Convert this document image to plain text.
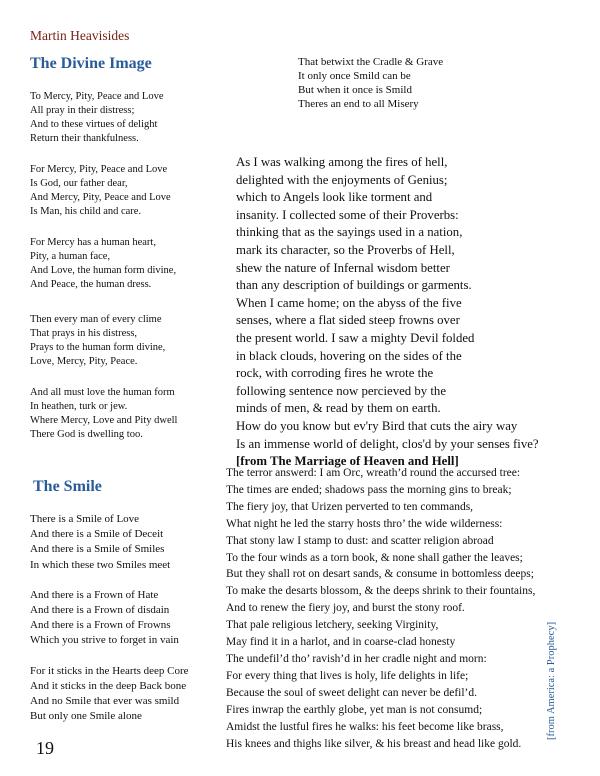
Martin Heavisides
The Divine Image
To Mercy, Pity, Peace and Love
All pray in their distress;
And to these virtues of delight
Return their thankfulness.
For Mercy, Pity, Peace and Love
Is God, our father dear,
And Mercy, Pity, Peace and Love
Is Man, his child and care.
For Mercy has a human heart,
Pity, a human face,
And Love, the human form divine,
And Peace, the human dress.
Then every man of every clime
That prays in his distress,
Prays to the human form divine,
Love, Mercy, Pity, Peace.
And all must love the human form
In heathen, turk or jew.
Where Mercy, Love and Pity dwell
There God is dwelling too.
That betwixt the Cradle & Grave
It only once Smild can be
But when it once is Smild
Theres an end to all Misery
As I was walking among the fires of hell,
delighted with the enjoyments of Genius;
which to Angels look like torment and
insanity. I collected some of their Proverbs:
thinking that as the sayings used in a nation,
mark its character, so the Proverbs of Hell,
shew the nature of Infernal wisdom better
than any description of buildings or garments.
When I came home; on the abyss of the five
senses, where a flat sided steep frowns over
the present world. I saw a mighty Devil folded
in black clouds, hovering on the sides of the
rock, with corroding fires he wrote the
following sentence now percieved by the
minds of men, & read by them on earth.
How do you know but ev'ry Bird that cuts the airy way
Is an immense world of delight, clos'd by your senses five?
[from The Marriage of Heaven and Hell]
The Smile
There is a Smile of Love
And there is a Smile of Deceit
And there is a Smile of Smiles
In which these two Smiles meet
And there is a Frown of Hate
And there is a Frown of disdain
And there is a Frown of Frowns
Which you strive to forget in vain
For it sticks in the Hearts deep Core
And it sticks in the deep Back bone
And no Smile that ever was smild
But only one Smile alone
The terror answerd: I am Orc, wreath’d round the accursed tree:
The times are ended; shadows pass the morning gins to break;
The fiery joy, that Urizen perverted to ten commands,
What night he led the starry hosts thro’ the wide wilderness:
That stony law I stamp to dust: and scatter religion abroad
To the four winds as a torn book, & none shall gather the leaves;
But they shall rot on desart sands, & consume in bottomless deeps;
To make the desarts blossom, & the deeps shrink to their fountains,
And to renew the fiery joy, and burst the stony roof.
That pale religious letchery, seeking Virginity,
May find it in a harlot, and in coarse-clad honesty
The undefil’d tho’ ravish’d in her cradle night and morn:
For every thing that lives is holy, life delights in life;
Because the soul of sweet delight can never be defil’d.
Fires inwrap the earthly globe, yet man is not consumd;
Amidst the lustful fires he walks: his feet become like brass,
His knees and thighs like silver, & his breast and head like gold.
[from America: a Prophecy]
19
